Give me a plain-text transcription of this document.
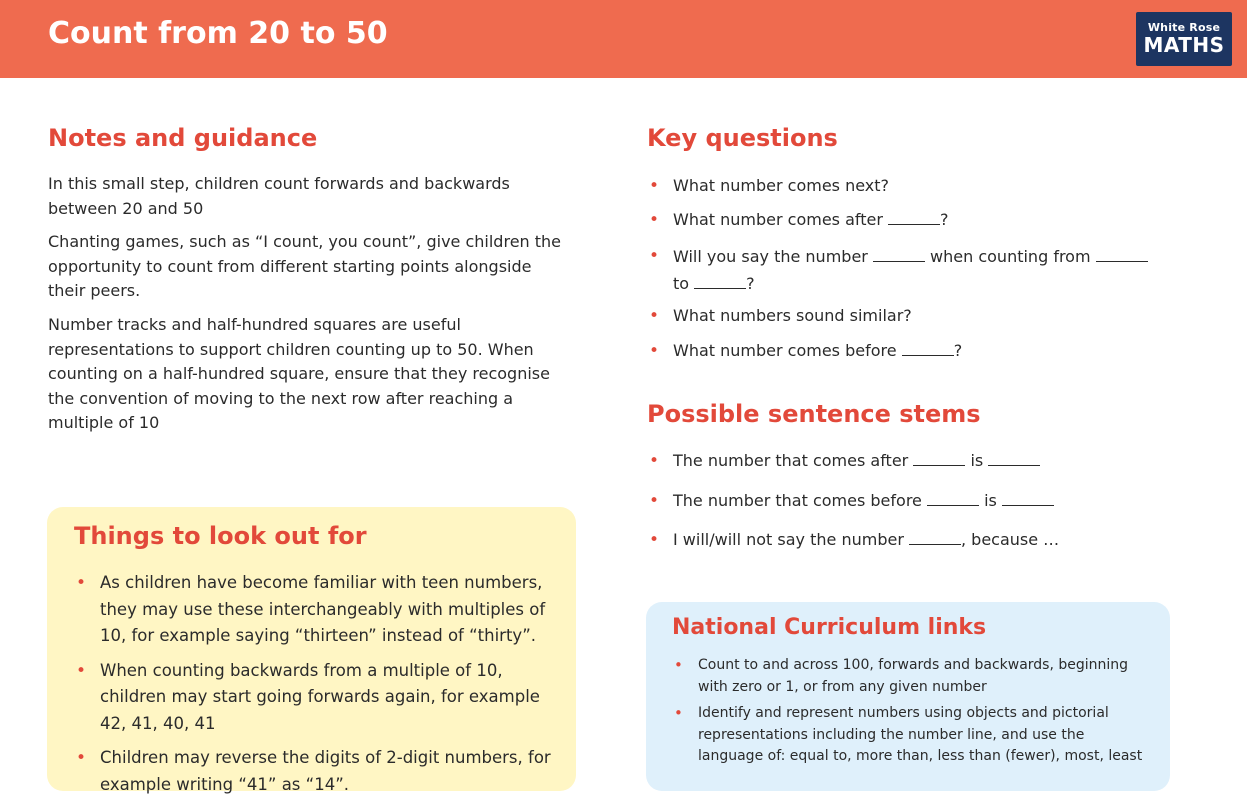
Count from 20 to 50	White Rose
MATHS
Notes and guidance

In this small step, children count forwards and backwards between 20 and 50

Chanting games, such as “I count, you count”, give children the opportunity to count from different starting points alongside their peers.

Number tracks and half-hundred squares are useful representations to support children counting up to 50. When counting on a half-hundred square, ensure that they recognise the convention of moving to the next row after reaching a multiple of 10

Things to look out for
• As children have become familiar with teen numbers, they may use these interchangeably with multiples of 10, for example saying “thirteen” instead of “thirty”.
• When counting backwards from a multiple of 10, children may start going forwards again, for example 42, 41, 40, 41
• Children may reverse the digits of 2-digit numbers, for example writing “41” as “14”.
Key questions
• What number comes next?
• What number comes after	?
• Will you say the number	when counting from
to	?
• What numbers sound similar?
• What number comes before	?
Possible sentence stems
• The number that comes after	is
• The number that comes before	is
• I will/will not say the number	, because …
National Curriculum links
• Count to and across 100, forwards and backwards, beginning with zero or 1, or from any given number
• Identify and represent numbers using objects and pictorial representations including the number line, and use the language of: equal to, more than, less than (fewer), most, least
